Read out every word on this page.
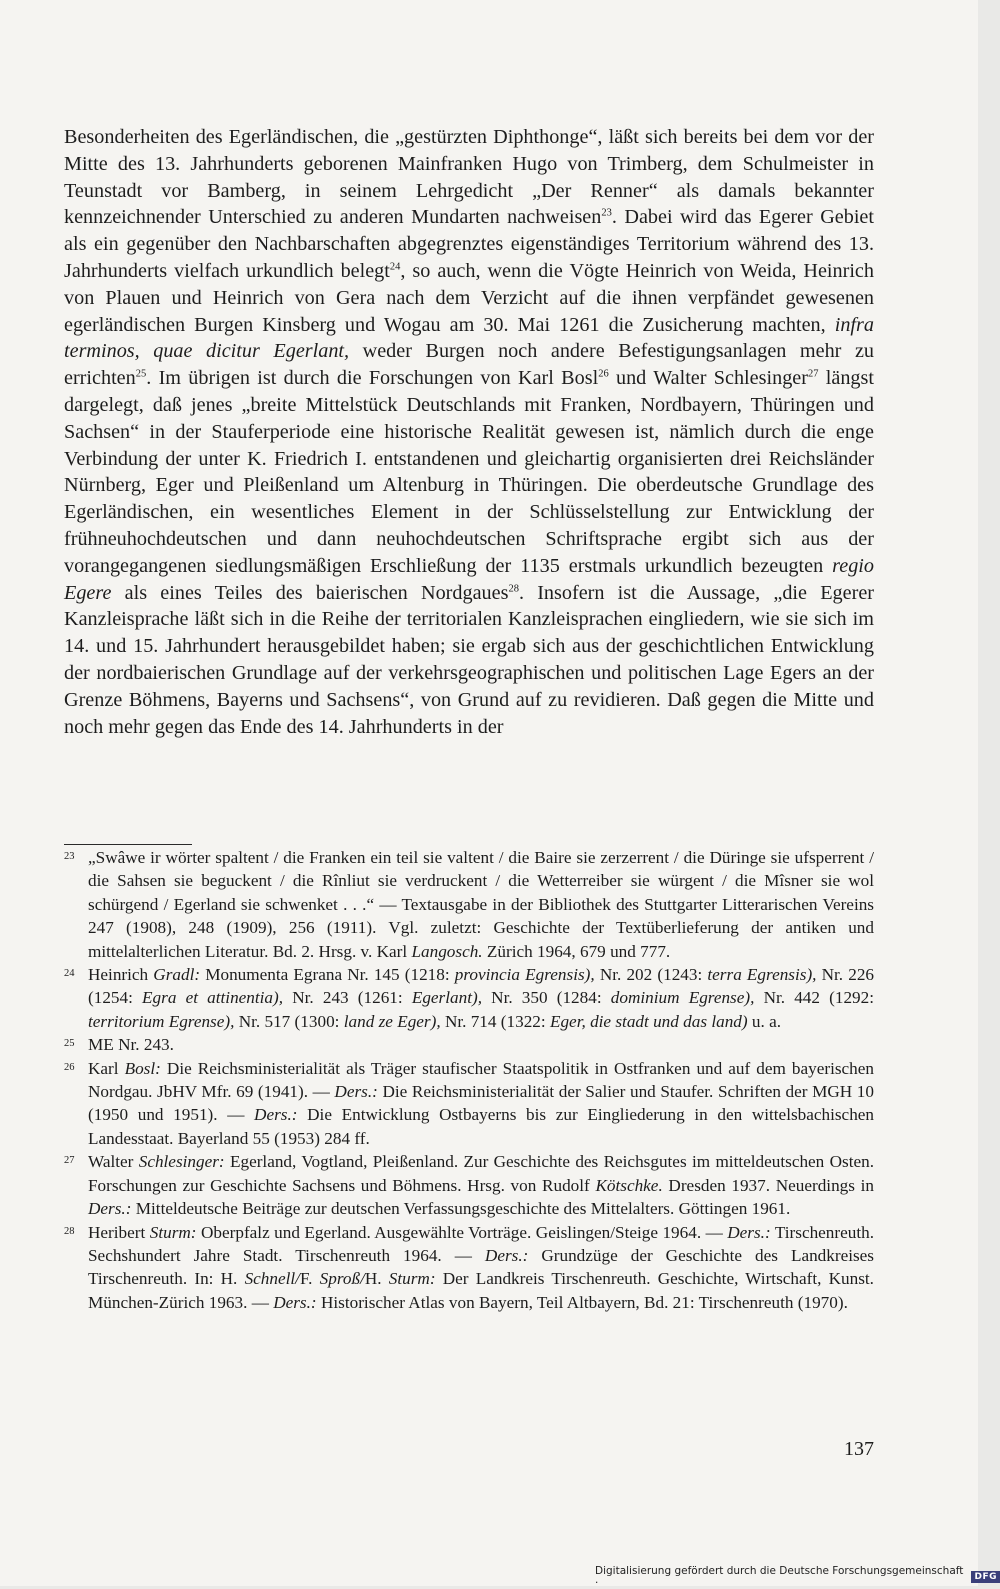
Besonderheiten des Egerländischen, die „gestürzten Diphthonge“, läßt sich bereits bei dem vor der Mitte des 13. Jahrhunderts geborenen Mainfranken Hugo von Trimberg, dem Schulmeister in Teunstadt vor Bamberg, in seinem Lehrgedicht „Der Renner“ als damals bekannter kennzeichnender Unterschied zu anderen Mundarten nachweisen$^{23}$. Dabei wird das Egerer Gebiet als ein gegenüber den Nachbarschaften abgegrenztes eigenständiges Territorium während des 13. Jahrhunderts vielfach urkundlich belegt$^{24}$, so auch, wenn die Vögte Heinrich von Weida, Heinrich von Plauen und Heinrich von Gera nach dem Verzicht auf die ihnen verpfändet gewesenen egerländischen Burgen Kinsberg und Wogau am 30. Mai 1261 die Zusicherung machten, infra terminos, quae dicitur Egerlant, weder Burgen noch andere Befestigungsanlagen mehr zu errichten$^{25}$. Im übrigen ist durch die Forschungen von Karl Bosl$^{26}$ und Walter Schlesinger$^{27}$ längst dargelegt, daß jenes „breite Mittelstück Deutschlands mit Franken, Nordbayern, Thüringen und Sachsen“ in der Stauferperiode eine historische Realität gewesen ist, nämlich durch die enge Verbindung der unter K. Friedrich I. entstandenen und gleichartig organisierten drei Reichsländer Nürnberg, Eger und Pleißenland um Altenburg in Thüringen. Die oberdeutsche Grundlage des Egerländischen, ein wesentliches Element in der Schlüsselstellung zur Entwicklung der frühneuhochdeutschen und dann neuhochdeutschen Schriftsprache ergibt sich aus der vorangegangenen siedlungsmäßigen Erschließung der 1135 erstmals urkundlich bezeugten regio Egere als eines Teiles des baierischen Nordgaues$^{28}$. Insofern ist die Aussage, „die Egerer Kanzleisprache läßt sich in die Reihe der territorialen Kanzleisprachen eingliedern, wie sie sich im 14. und 15. Jahrhundert herausgebildet haben; sie ergab sich aus der geschichtlichen Entwicklung der nordbaierischen Grundlage auf der verkehrsgeographischen und politischen Lage Egers an der Grenze Böhmens, Bayerns und Sachsens“, von Grund auf zu revidieren. Daß gegen die Mitte und noch mehr gegen das Ende des 14. Jahrhunderts in der

23 „Swâwe ir wörter spaltent / die Franken ein teil sie valtent / die Baire sie zerzerrent / die Düringe sie ufsperrent / die Sahsen sie beguckent / die Rînliut sie verdruckent / die Wetterreiber sie würgent / die Mîsner sie wol schürgend / Egerland sie schwenket . . .“ — Textausgabe in der Bibliothek des Stuttgarter Litterarischen Vereins 247 (1908), 248 (1909), 256 (1911). Vgl. zuletzt: Geschichte der Textüberlieferung der antiken und mittelalterlichen Literatur. Bd. 2. Hrsg. v. Karl Langosch. Zürich 1964, 679 und 777.

24 Heinrich Gradl: Monumenta Egrana Nr. 145 (1218: provincia Egrensis), Nr. 202 (1243: terra Egrensis), Nr. 226 (1254: Egra et attinentia), Nr. 243 (1261: Egerlant), Nr. 350 (1284: dominium Egrense), Nr. 442 (1292: territorium Egrense), Nr. 517 (1300: land ze Eger), Nr. 714 (1322: Eger, die stadt und das land) u. a.

25 ME Nr. 243.

26 Karl Bosl: Die Reichsministerialität als Träger staufischer Staatspolitik in Ostfranken und auf dem bayerischen Nordgau. JbHV Mfr. 69 (1941). — Ders.: Die Reichsministerialität der Salier und Staufer. Schriften der MGH 10 (1950 und 1951). — Ders.: Die Entwicklung Ostbayerns bis zur Eingliederung in den wittelsbachischen Landesstaat. Bayerland 55 (1953) 284 ff.

27 Walter Schlesinger: Egerland, Vogtland, Pleißenland. Zur Geschichte des Reichsgutes im mitteldeutschen Osten. Forschungen zur Geschichte Sachsens und Böhmens. Hrsg. von Rudolf Kötschke. Dresden 1937. Neuerdings in Ders.: Mitteldeutsche Beiträge zur deutschen Verfassungsgeschichte des Mittelalters. Göttingen 1961.

28 Heribert Sturm: Oberpfalz und Egerland. Ausgewählte Vorträge. Geislingen/Steige 1964. — Ders.: Tirschenreuth. Sechshundert Jahre Stadt. Tirschenreuth 1964. — Ders.: Grundzüge der Geschichte des Landkreises Tirschenreuth. In: H. Schnell/F. Sproß/H. Sturm: Der Landkreis Tirschenreuth. Geschichte, Wirtschaft, Kunst. München-Zürich 1963. — Ders.: Historischer Atlas von Bayern, Teil Altbayern, Bd. 21: Tirschenreuth (1970).

137
Digitalisierung gefördert durch die Deutsche Forschungsgemeinschaft ·	DFG
